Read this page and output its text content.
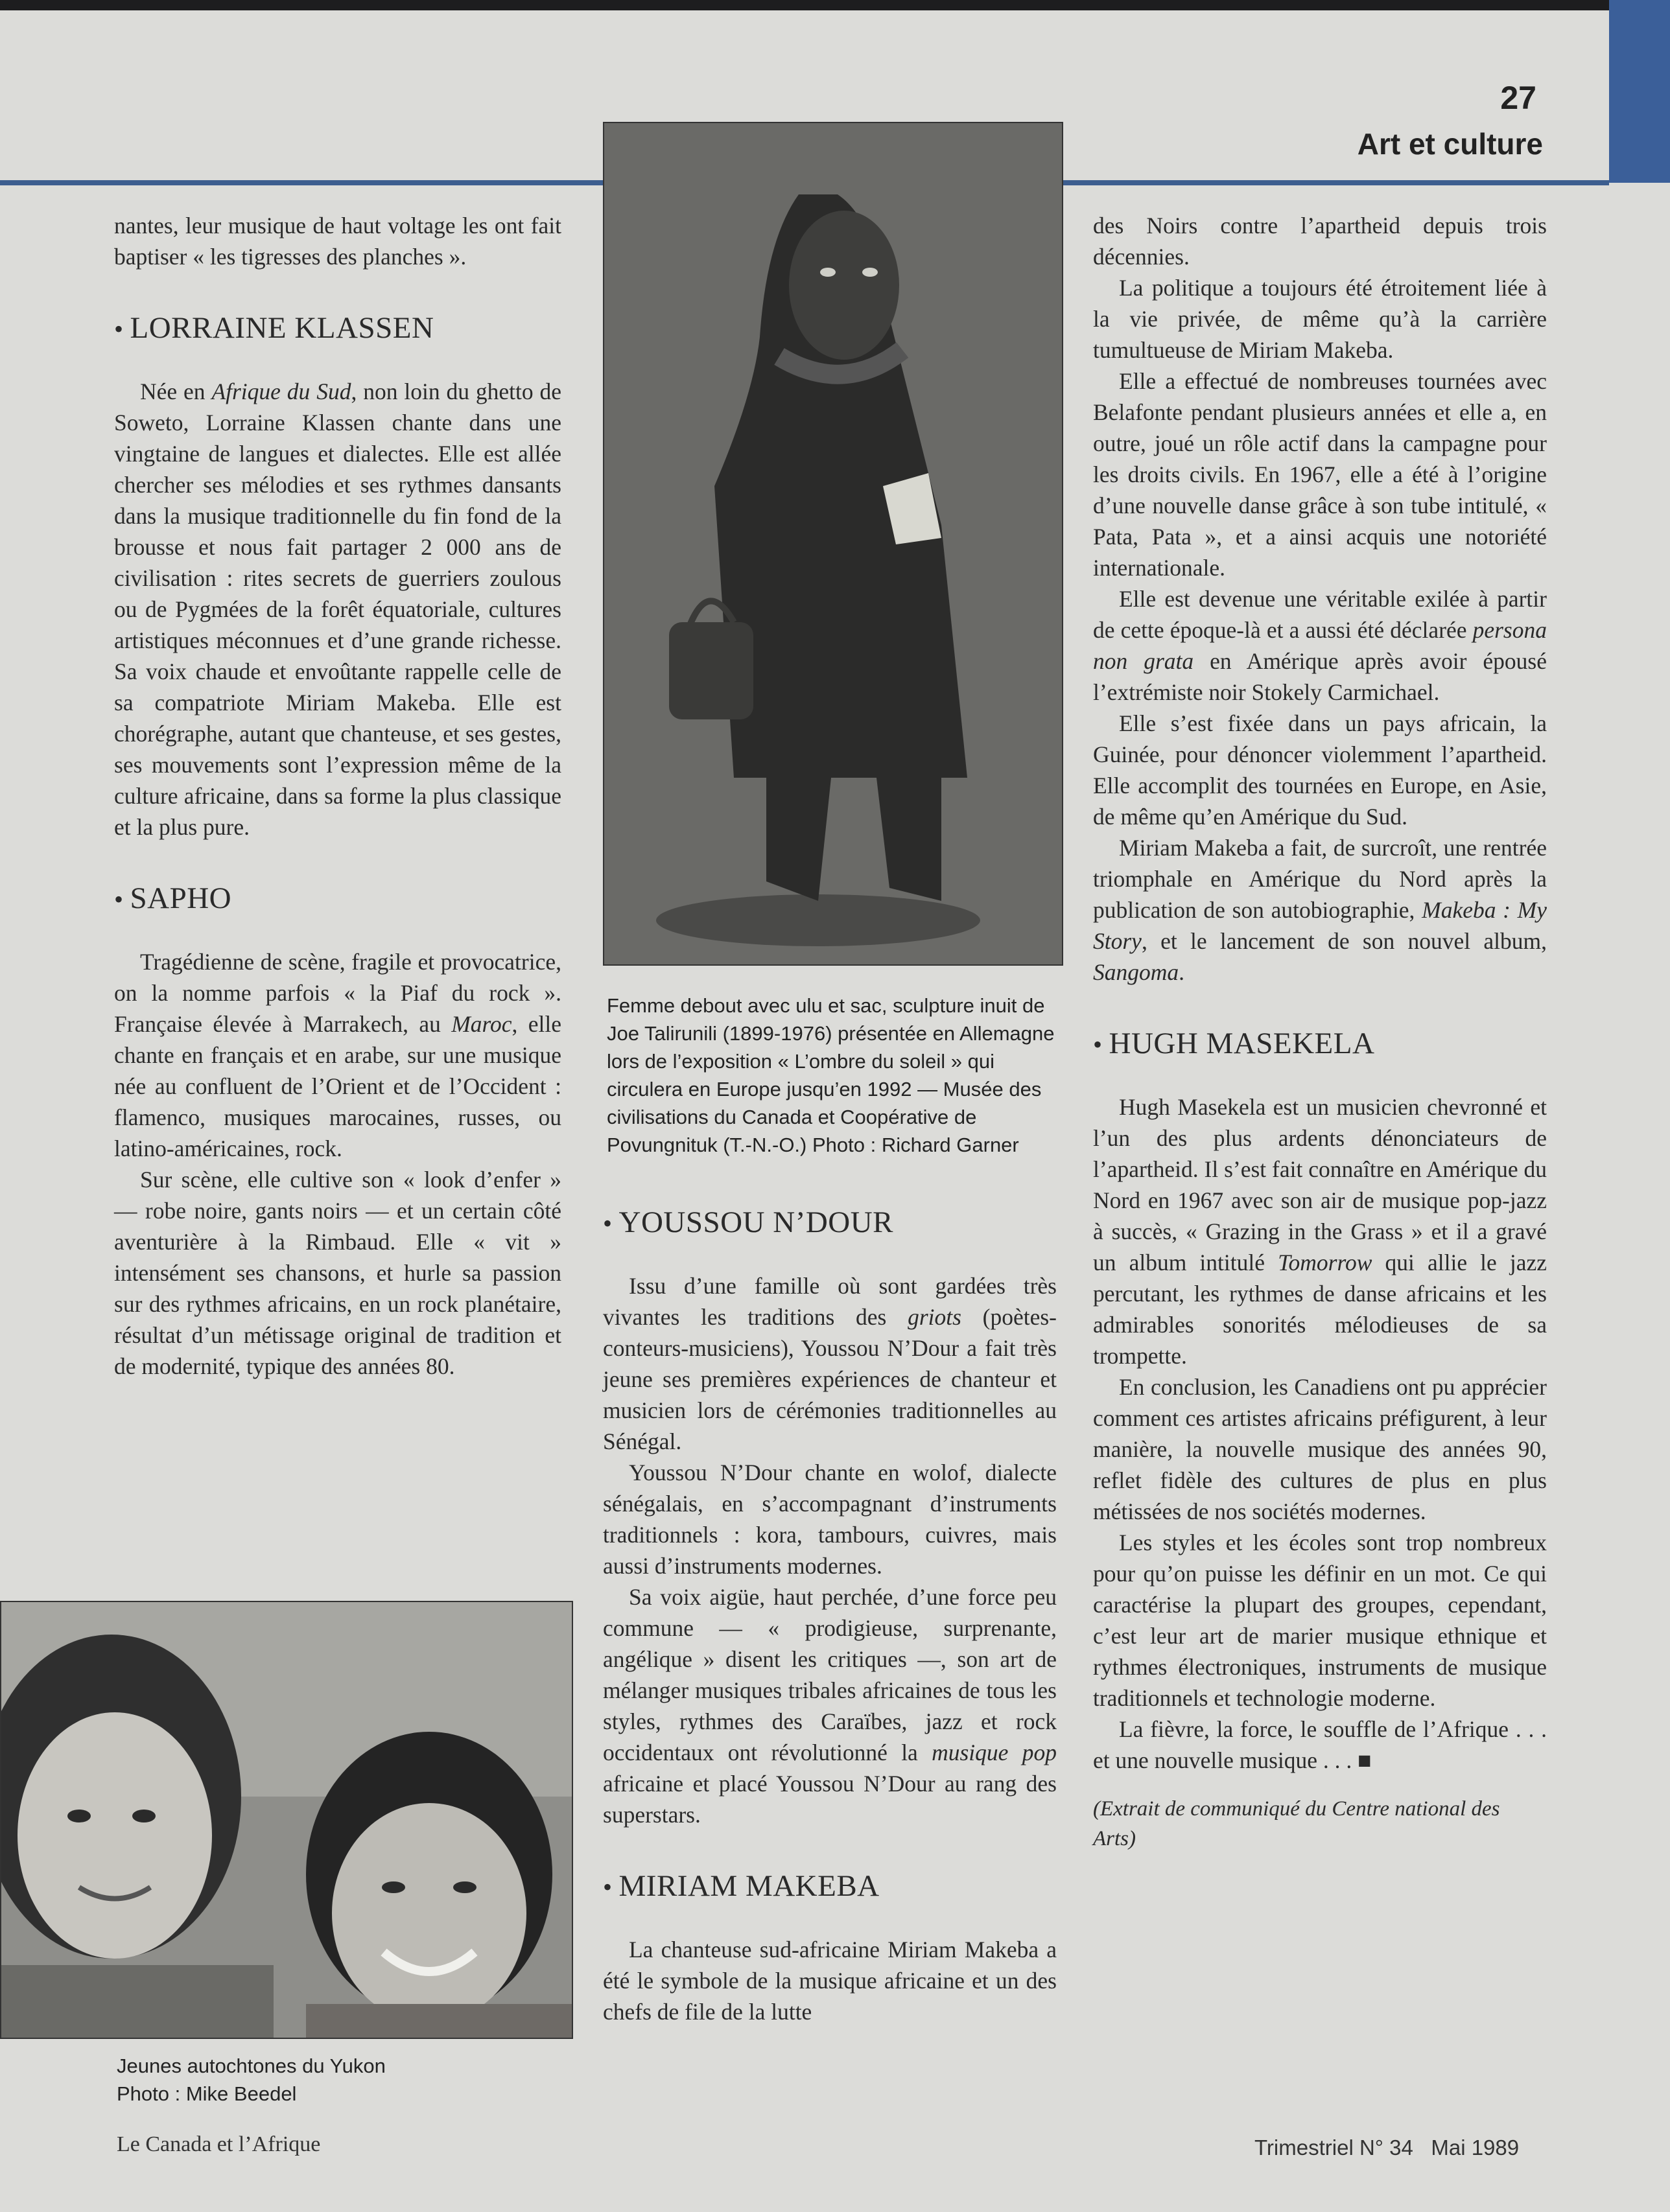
27
Art et culture

nantes, leur musique de haut voltage les ont fait baptiser « les tigresses des planches ».

• LORRAINE KLASSEN

Née en Afrique du Sud, non loin du ghetto de Soweto, Lorraine Klassen chante dans une vingtaine de langues et dialectes. Elle est allée chercher ses mélodies et ses rythmes dansants dans la musique traditionnelle du fin fond de la brousse et nous fait partager 2 000 ans de civilisation : rites secrets de guerriers zoulous ou de Pygmées de la forêt équatoriale, cultures artistiques méconnues et d’une grande richesse. Sa voix chaude et envoûtante rappelle celle de sa compatriote Miriam Makeba. Elle est chorégraphe, autant que chanteuse, et ses gestes, ses mouvements sont l’expression même de la culture africaine, dans sa forme la plus classique et la plus pure.

• SAPHO

Tragédienne de scène, fragile et provocatrice, on la nomme parfois « la Piaf du rock ». Française élevée à Marrakech, au Maroc, elle chante en français et en arabe, sur une musique née au confluent de l’Orient et de l’Occident : flamenco, musiques marocaines, russes, ou latino-américaines, rock.

Sur scène, elle cultive son « look d’enfer » — robe noire, gants noirs — et un certain côté aventurière à la Rimbaud. Elle « vit » intensément ses chansons, et hurle sa passion sur des rythmes africains, en un rock planétaire, résultat d’un métissage original de tradition et de modernité, typique des années 80.

Jeunes autochtones du Yukon
Photo : Mike Beedel
Femme debout avec ulu et sac, sculpture inuit de Joe Talirunili (1899-1976) présentée en Allemagne lors de l’exposition « L’ombre du soleil » qui circulera en Europe jusqu’en 1992 — Musée des civilisations du Canada et Coopérative de Povungnituk (T.-N.-O.) Photo : Richard Garner
• YOUSSOU N’DOUR

Issu d’une famille où sont gardées très vivantes les traditions des griots (poètes-conteurs-musiciens), Youssou N’Dour a fait très jeune ses premières expériences de chanteur et musicien lors de cérémonies traditionnelles au Sénégal.

Youssou N’Dour chante en wolof, dialecte sénégalais, en s’accompagnant d’instruments traditionnels : kora, tambours, cuivres, mais aussi d’instruments modernes.

Sa voix aigüe, haut perchée, d’une force peu commune — « prodigieuse, surprenante, angélique » disent les critiques —, son art de mélanger musiques tribales africaines de tous les styles, rythmes des Caraïbes, jazz et rock occidentaux ont révolutionné la musique pop africaine et placé Youssou N’Dour au rang des superstars.

• MIRIAM MAKEBA

La chanteuse sud-africaine Miriam Makeba a été le symbole de la musique africaine et un des chefs de file de la lutte

des Noirs contre l’apartheid depuis trois décennies.

La politique a toujours été étroitement liée à la vie privée, de même qu’à la carrière tumultueuse de Miriam Makeba.

Elle a effectué de nombreuses tournées avec Belafonte pendant plusieurs années et elle a, en outre, joué un rôle actif dans la campagne pour les droits civils. En 1967, elle a été à l’origine d’une nouvelle danse grâce à son tube intitulé, « Pata, Pata », et a ainsi acquis une notoriété internationale.

Elle est devenue une véritable exilée à partir de cette époque-là et a aussi été déclarée persona non grata en Amérique après avoir épousé l’extrémiste noir Stokely Carmichael.

Elle s’est fixée dans un pays africain, la Guinée, pour dénoncer violemment l’apartheid. Elle accomplit des tournées en Europe, en Asie, de même qu’en Amérique du Sud.

Miriam Makeba a fait, de surcroît, une rentrée triomphale en Amérique du Nord après la publication de son autobiographie, Makeba : My Story, et le lancement de son nouvel album, Sangoma.

• HUGH MASEKELA

Hugh Masekela est un musicien chevronné et l’un des plus ardents dénonciateurs de l’apartheid. Il s’est fait connaître en Amérique du Nord en 1967 avec son air de musique pop-jazz à succès, « Grazing in the Grass » et il a gravé un album intitulé Tomorrow qui allie le jazz percutant, les rythmes de danse africains et les admirables sonorités mélodieuses de sa trompette.

En conclusion, les Canadiens ont pu apprécier comment ces artistes africains préfigurent, à leur manière, la nouvelle musique des années 90, reflet fidèle des cultures de plus en plus métissées de nos sociétés modernes.

Les styles et les écoles sont trop nombreux pour qu’on puisse les définir en un mot. Ce qui caractérise la plupart des groupes, cependant, c’est leur art de marier musique ethnique et rythmes électroniques, instruments de musique traditionnels et technologie moderne.

La fièvre, la force, le souffle de l’Afrique . . . et une nouvelle musique . . . ■

(Extrait de communiqué du Centre national des Arts)

Le Canada et l’Afrique	Trimestriel N° 34   Mai 1989
